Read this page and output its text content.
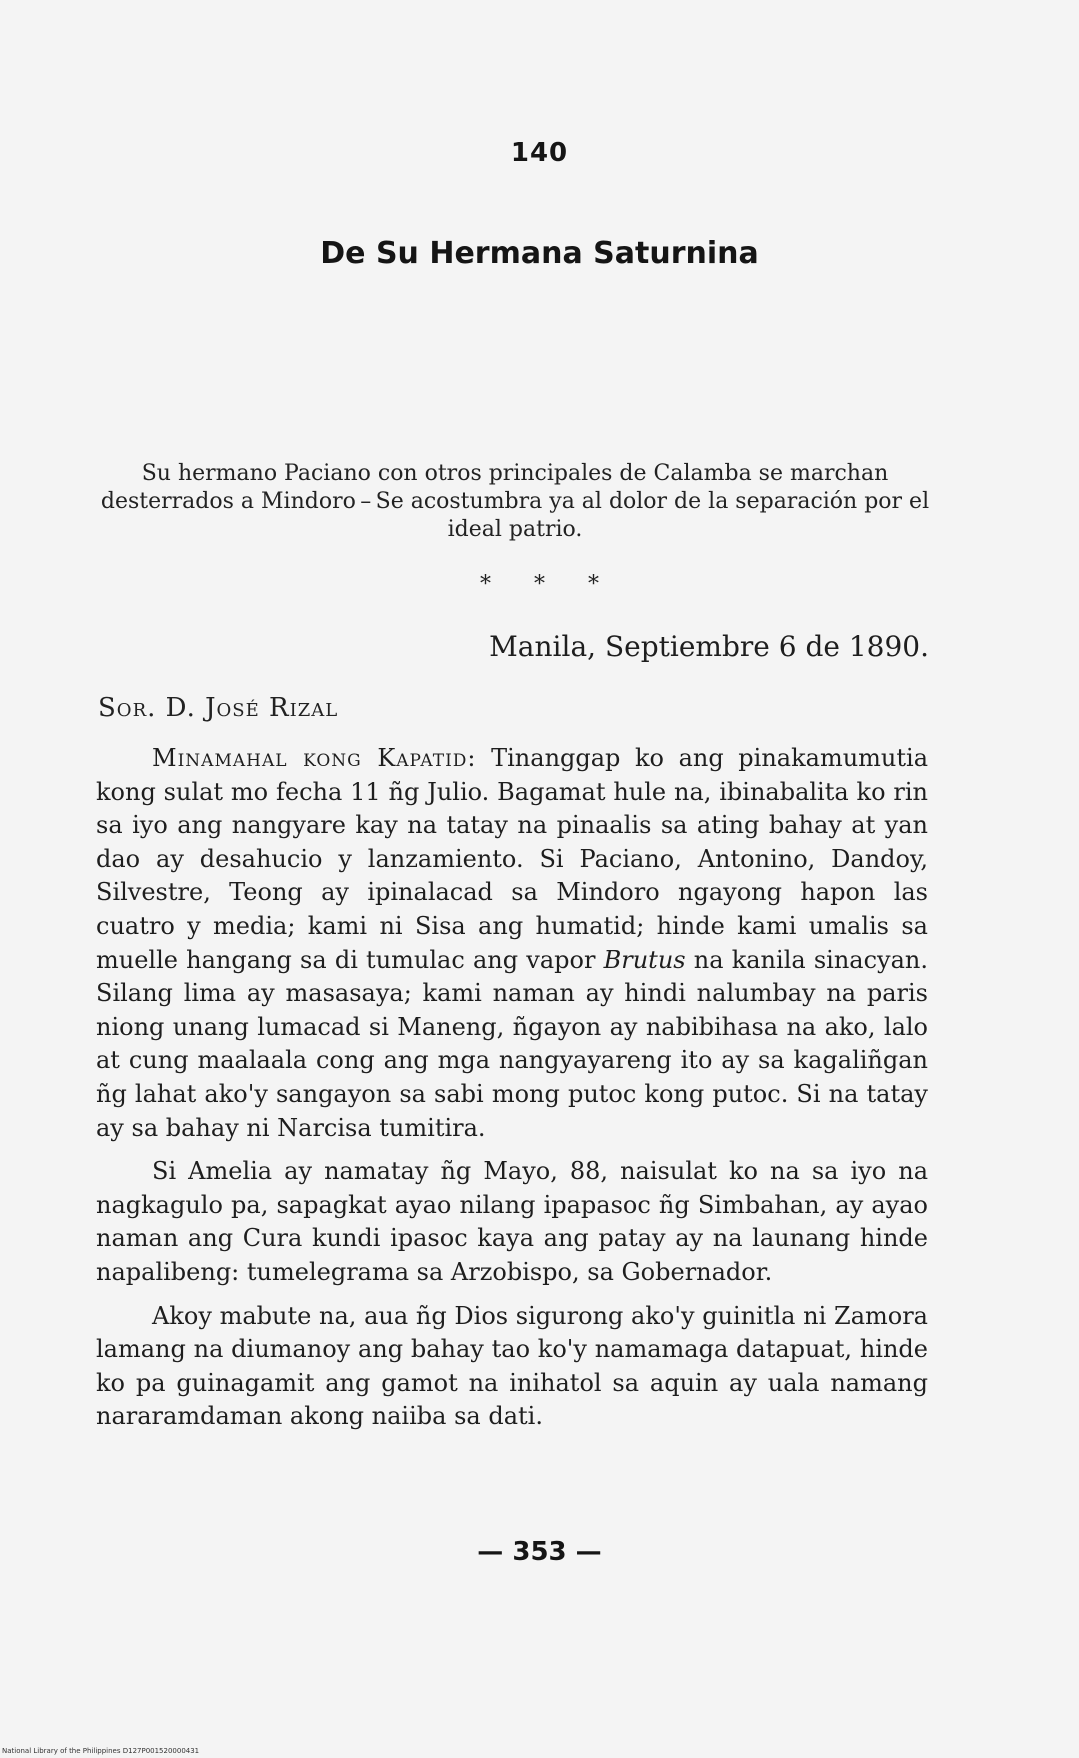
140
De Su Hermana Saturnina
Su hermano Paciano con otros principales de Calamba se marchan desterrados a Mindoro – Se acostumbra ya al dolor de la separación por el ideal patrio.
* * *
Manila, Septiembre 6 de 1890.
Sor. D. José Rizal

Minamahal kong Kapatid: Tinanggap ko ang pinakamumutia kong sulat mo fecha 11 ñg Julio. Bagamat hule na, ibinabalita ko rin sa iyo ang nangyare kay na tatay na pinaalis sa ating bahay at yan dao ay desahucio y lanzamiento. Si Paciano, Antonino, Dandoy, Silvestre, Teong ay ipinalacad sa Mindoro ngayong hapon las cuatro y media; kami ni Sisa ang humatid; hinde kami umalis sa muelle hangang sa di tumulac ang vapor Brutus na kanila sinacyan. Silang lima ay masasaya; kami naman ay hindi nalumbay na paris niong unang lumacad si Maneng, ñgayon ay nabibihasa na ako, lalo at cung maalaala cong ang mga nangyayareng ito ay sa kagaliñgan ñg lahat ako'y sangayon sa sabi mong putoc kong putoc. Si na tatay ay sa bahay ni Narcisa tumitira.

Si Amelia ay namatay ñg Mayo, 88, naisulat ko na sa iyo na nagkagulo pa, sapagkat ayao nilang ipapasoc ñg Simbahan, ay ayao naman ang Cura kundi ipasoc kaya ang patay ay na launang hinde napalibeng: tumelegrama sa Arzobispo, sa Gobernador.

Akoy mabute na, aua ñg Dios sigurong ako'y guinitla ni Zamora lamang na diumanoy ang bahay tao ko'y namamaga datapuat, hinde ko pa guinagamit ang gamot na inihatol sa aquin ay uala namang nararamdaman akong naiiba sa dati.

— 353 —
National Library of the Philippines D127P001520000431
